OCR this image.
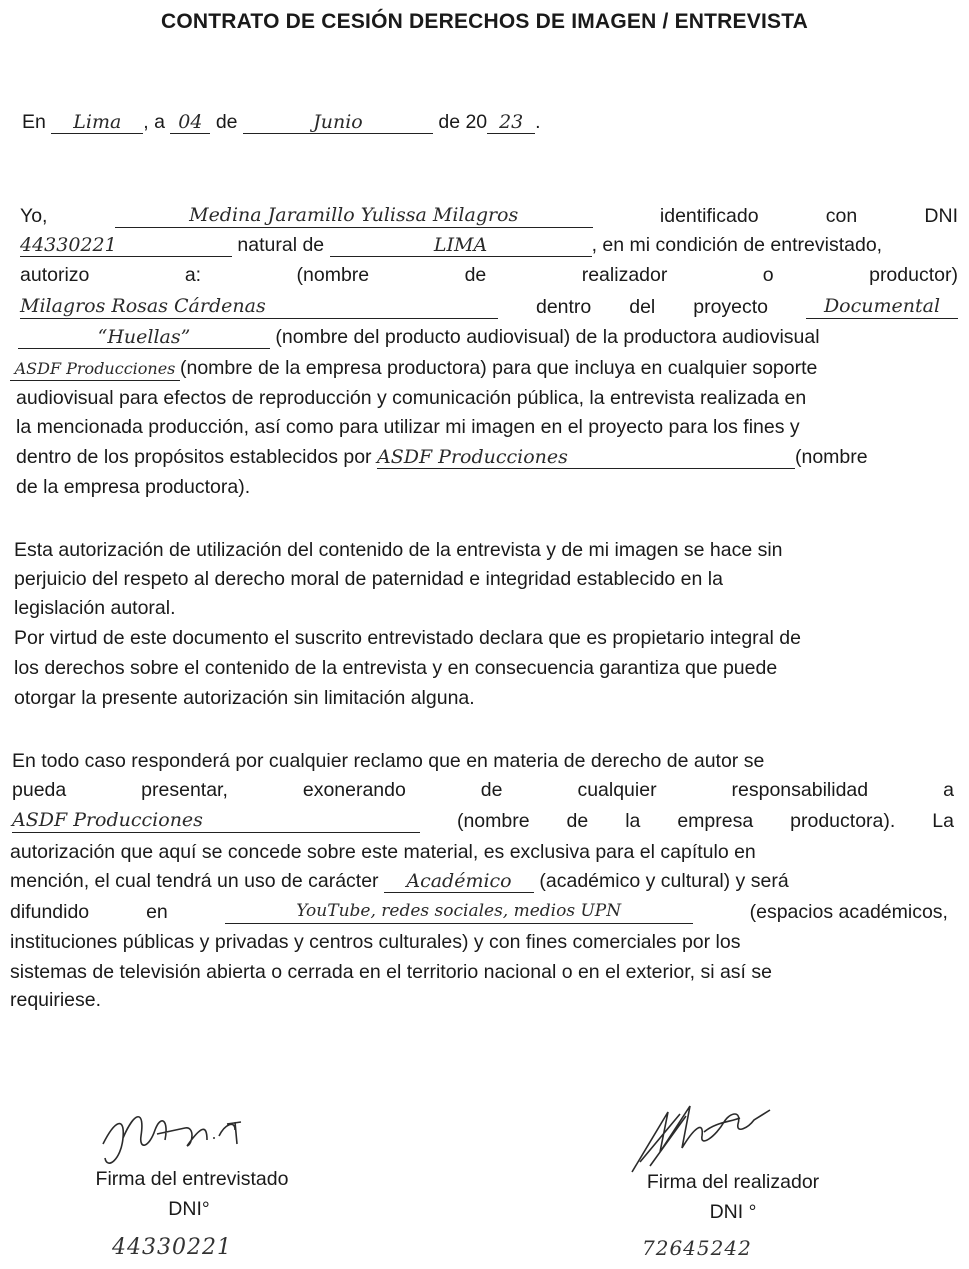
CONTRATO DE CESIÓN DERECHOS DE IMAGEN / ENTREVISTA
En Lima , a 04 de	Junio	de 20 23 .
Yo,	Medina Jaramillo Yulissa Milagros	identificado	con	DNI
44330221	natural de	LIMA	, en mi condición de entrevistado,
autorizo	a:	(nombre	de	realizador	o	productor)
Milagros Rosas Cárdenas	dentro del proyecto	Documental
“Huellas”	(nombre del producto audiovisual) de la productora audiovisual
ASDF Producciones (nombre de la empresa productora) para que incluya en cualquier soporte
audiovisual para efectos de reproducción y comunicación pública, la entrevista realizada en
la mencionada producción, así como para utilizar mi imagen en el proyecto para los fines y
dentro de los propósitos establecidos por ASDF Producciones	(nombre
de la empresa productora).
Esta autorización de utilización del contenido de la entrevista y de mi imagen se hace sin
perjuicio del respeto al derecho moral de paternidad e integridad establecido en la
legislación autoral.
Por virtud de este documento el suscrito entrevistado declara que es propietario integral de
los derechos sobre el contenido de la entrevista y en consecuencia garantiza que puede
otorgar la presente autorización sin limitación alguna.
En todo caso responderá por cualquier reclamo que en materia de derecho de autor se
pueda	presentar,	exonerando	de	cualquier	responsabilidad	a
ASDF Producciones	(nombre de la empresa productora). La
autorización que aquí se concede sobre este material, es exclusiva para el capítulo en
mención, el cual tendrá un uso de carácter Académico (académico y cultural) y será
difundido	en	YouTube, redes sociales, medios UPN	(espacios académicos,
instituciones públicas y privadas y centros culturales) y con fines comerciales por los
sistemas de televisión abierta o cerrada en el territorio nacional o en el exterior, si así se
requiriese.
Firma del entrevistado
DNI°
44330221
Firma del realizador
DNI °
72645242
